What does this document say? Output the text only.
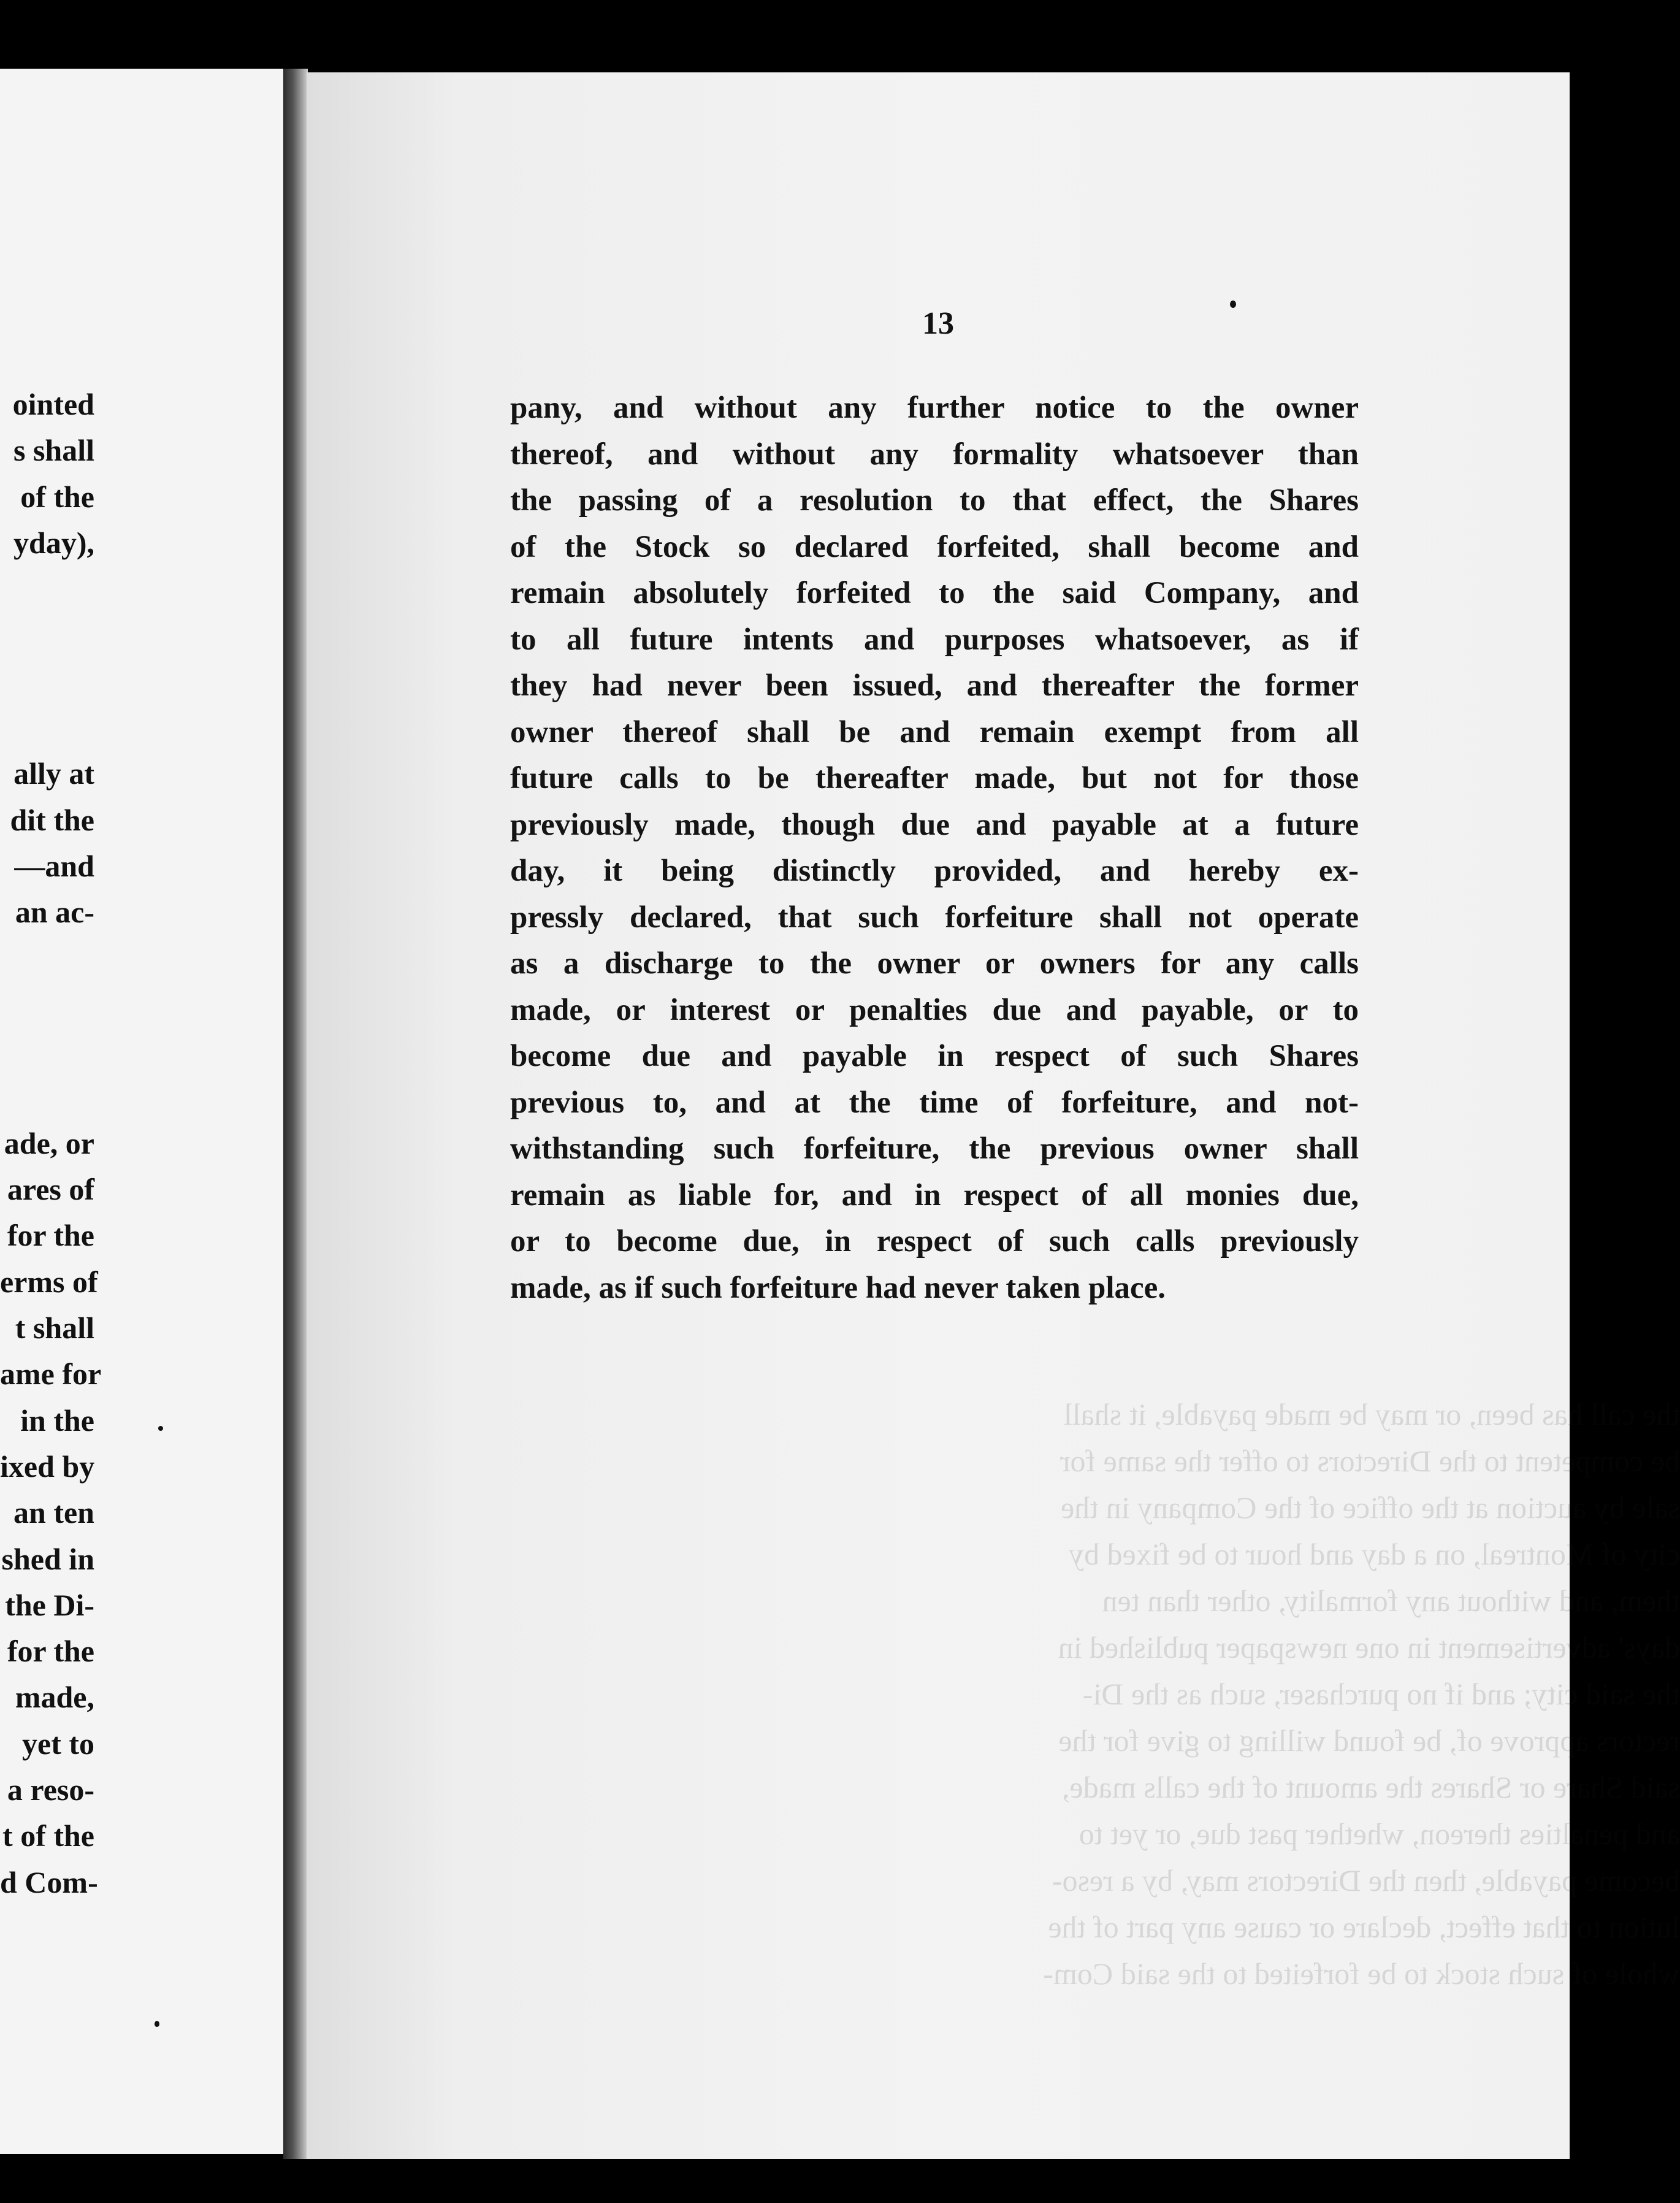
ointed
s shall
of the
yday),
ally at
dit the
—and
an ac-
ade, or
ares of
for the
erms of
t shall
ame for
in the
ixed by
an ten
shed in
the Di-
for the
made,
yet to
a reso-
t of the
d Com-
the call has been, or may be made payable, it shall
be competent to the Directors to offer the same for
sale by auction at the office of the Company in the
city of Montreal, on a day and hour to be fixed by
them, and without any formality, other than ten
days' advertisement in one newspaper published in
the said city; and if no purchaser, such as the Di-
rectors approve of, be found willing to give for the
said Share or Shares the amount of the calls made,
and penalties thereon, whether past due, or yet to
become payable, then the Directors may, by a reso-
lution to that effect, declare or cause any part of the
whole of such stock to be forfeited to the said Com-
13
pany, and without any further notice to the owner
thereof, and without any formality whatsoever than
the passing of a resolution to that effect, the Shares
of the Stock so declared forfeited, shall become and
remain absolutely forfeited to the said Company, and
to all future intents and purposes whatsoever, as if
they had never been issued, and thereafter the former
owner thereof shall be and remain exempt from all
future calls to be thereafter made, but not for those
previously made, though due and payable at a future
day, it being distinctly provided, and hereby ex-
pressly declared, that such forfeiture shall not operate
as a discharge to the owner or owners for any calls
made, or interest or penalties due and payable, or to
become due and payable in respect of such Shares
previous to, and at the time of forfeiture, and not-
withstanding such forfeiture, the previous owner shall
remain as liable for, and in respect of all monies due,
or to become due, in respect of such calls previously
made, as if such forfeiture had never taken place.
